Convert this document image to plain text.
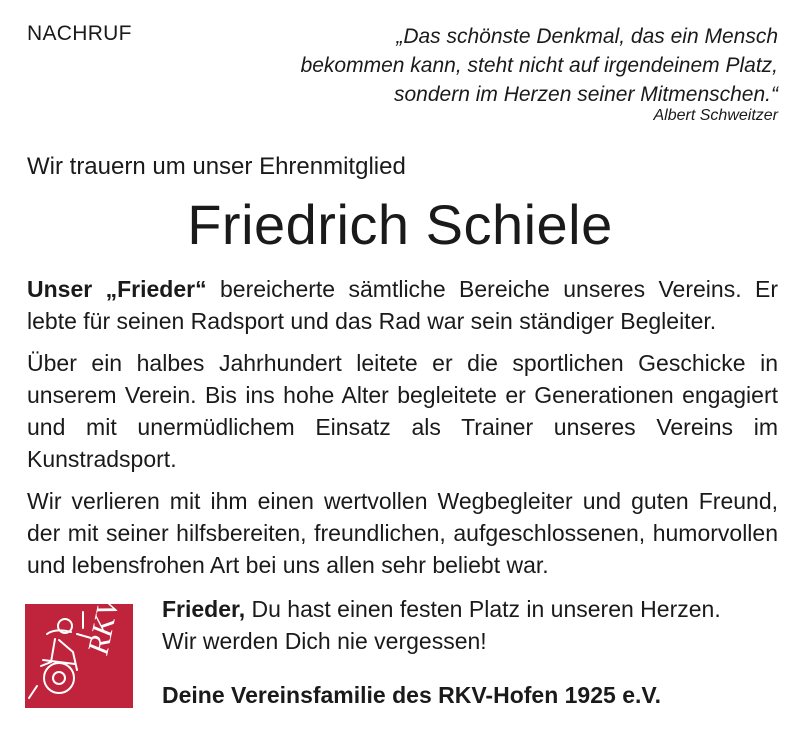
NACHRUF	„Das schönste Denkmal, das ein Mensch
bekommen kann, steht nicht auf irgendeinem Platz,
sondern im Herzen seiner Mitmenschen.“
Albert Schweitzer
Wir trauern um unser Ehrenmitglied
Friedrich Schiele

Unser „Frieder“ bereicherte sämtliche Bereiche unseres Vereins. Er lebte für seinen Radsport und das Rad war sein ständiger Begleiter.

Über ein halbes Jahrhundert leitete er die sportlichen Geschicke in unserem Verein. Bis ins hohe Alter begleitete er Generationen engagiert und mit unermüdlichem Einsatz als Trainer unseres Vereins im Kunstradsport.

Wir verlieren mit ihm einen wertvollen Wegbegleiter und guten Freund, der mit seiner hilfsbereiten, freundlichen, aufgeschlossenen, humorvollen und lebensfrohen Art bei uns allen sehr beliebt war.

RKV Frieder, Du hast einen festen Platz in unseren Herzen.

Wir werden Dich nie vergessen!

Deine Vereinsfamilie des RKV-Hofen 1925 e.V.
